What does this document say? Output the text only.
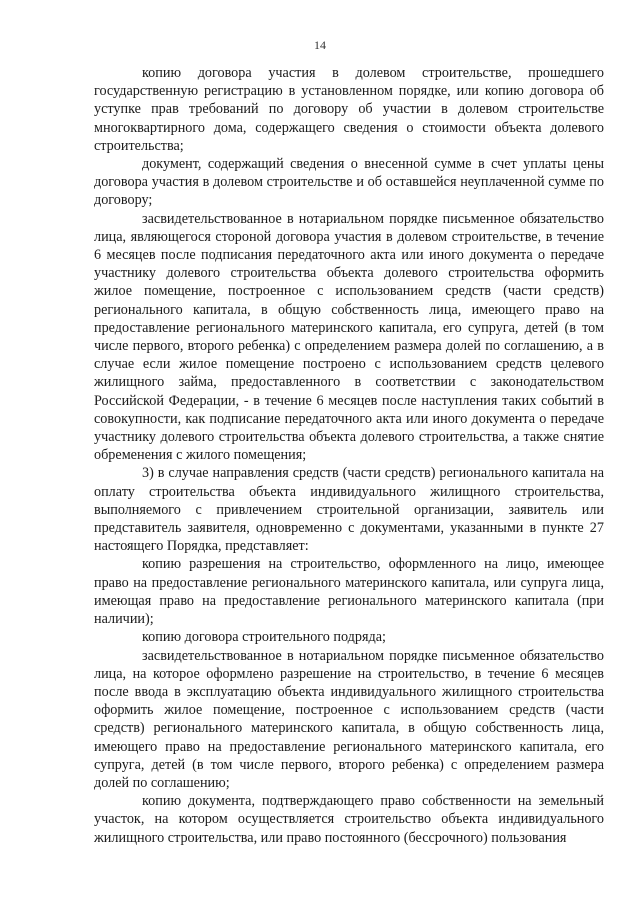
14

копию договора участия в долевом строительстве, прошедшего государственную регистрацию в установленном порядке, или копию договора об уступке прав требований по договору об участии в долевом строительстве многоквартирного дома, содержащего сведения о стоимости объекта долевого строительства;

документ, содержащий сведения о внесенной сумме в счет уплаты цены договора участия в долевом строительстве и об оставшейся неуплаченной сумме по договору;

засвидетельствованное в нотариальном порядке письменное обязательство лица, являющегося стороной договора участия в долевом строительстве, в течение 6 месяцев после подписания передаточного акта или иного документа о передаче участнику долевого строительства объекта долевого строительства оформить жилое помещение, построенное с использованием средств (части средств) регионального капитала, в общую собственность лица, имеющего право на предоставление регионального материнского капитала, его супруга, детей (в том числе первого, второго ребенка) с определением размера долей по соглашению, а в случае если жилое помещение построено с использованием средств целевого жилищного займа, предоставленного в соответствии с законодательством Российской Федерации, - в течение 6 месяцев после наступления таких событий в совокупности, как подписание передаточного акта или иного документа о передаче участнику долевого строительства объекта долевого строительства, а также снятие обременения с жилого помещения;

3) в случае направления средств (части средств) регионального капитала на оплату строительства объекта индивидуального жилищного строительства, выполняемого с привлечением строительной организации, заявитель или представитель заявителя, одновременно с документами, указанными в пункте 27 настоящего Порядка, представляет:

копию разрешения на строительство, оформленного на лицо, имеющее право на предоставление регионального материнского капитала, или супруга лица, имеющая право на предоставление регионального материнского капитала (при наличии);

копию договора строительного подряда;

засвидетельствованное в нотариальном порядке письменное обязательство лица, на которое оформлено разрешение на строительство, в течение 6 месяцев после ввода в эксплуатацию объекта индивидуального жилищного строительства оформить жилое помещение, построенное с использованием средств (части средств) регионального материнского капитала, в общую собственность лица, имеющего право на предоставление регионального материнского капитала, его супруга, детей (в том числе первого, второго ребенка) с определением размера долей по соглашению;

копию документа, подтверждающего право собственности на земельный участок, на котором осуществляется строительство объекта индивидуального жилищного строительства, или право постоянного (бессрочного) пользования
